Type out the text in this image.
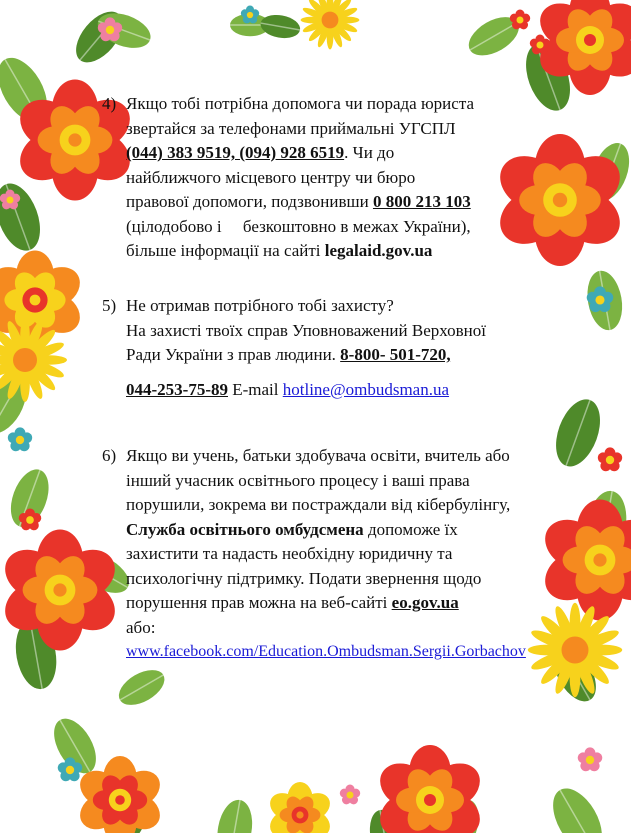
4) Якщо тобі потрібна допомога чи порада юриста
звертайся за телефонами приймальні УГСПЛ
(044) 383 9519, (094) 928 6519. Чи до
найближчого місцевого центру чи бюро
правової допомоги, подзвонивши 0 800 213 103
(цілодобово і     безкоштовно в межах України),
більше інформації на сайті legalaid.gov.ua
5) Не отримав потрібного тобі захисту?
На захисті твоїх справ Уповноважений Верховної
Ради України з прав людини. 8-800- 501-720,
044-253-75-89 E-mail hotline@ombudsman.ua
6) Якщо ви учень, батьки здобувача освіти, вчитель або
інший учасник освітнього процесу і ваші права
порушили, зокрема ви постраждали від кібербулінгу,
Служба освітнього омбудсмена допоможе їх
захистити та надасть необхідну юридичну та
психологічну підтримку. Подати звернення щодо
порушення прав можна на веб-сайті eo.gov.ua
або:
www.facebook.com/Education.Ombudsman.Sergii.Gorbachov
